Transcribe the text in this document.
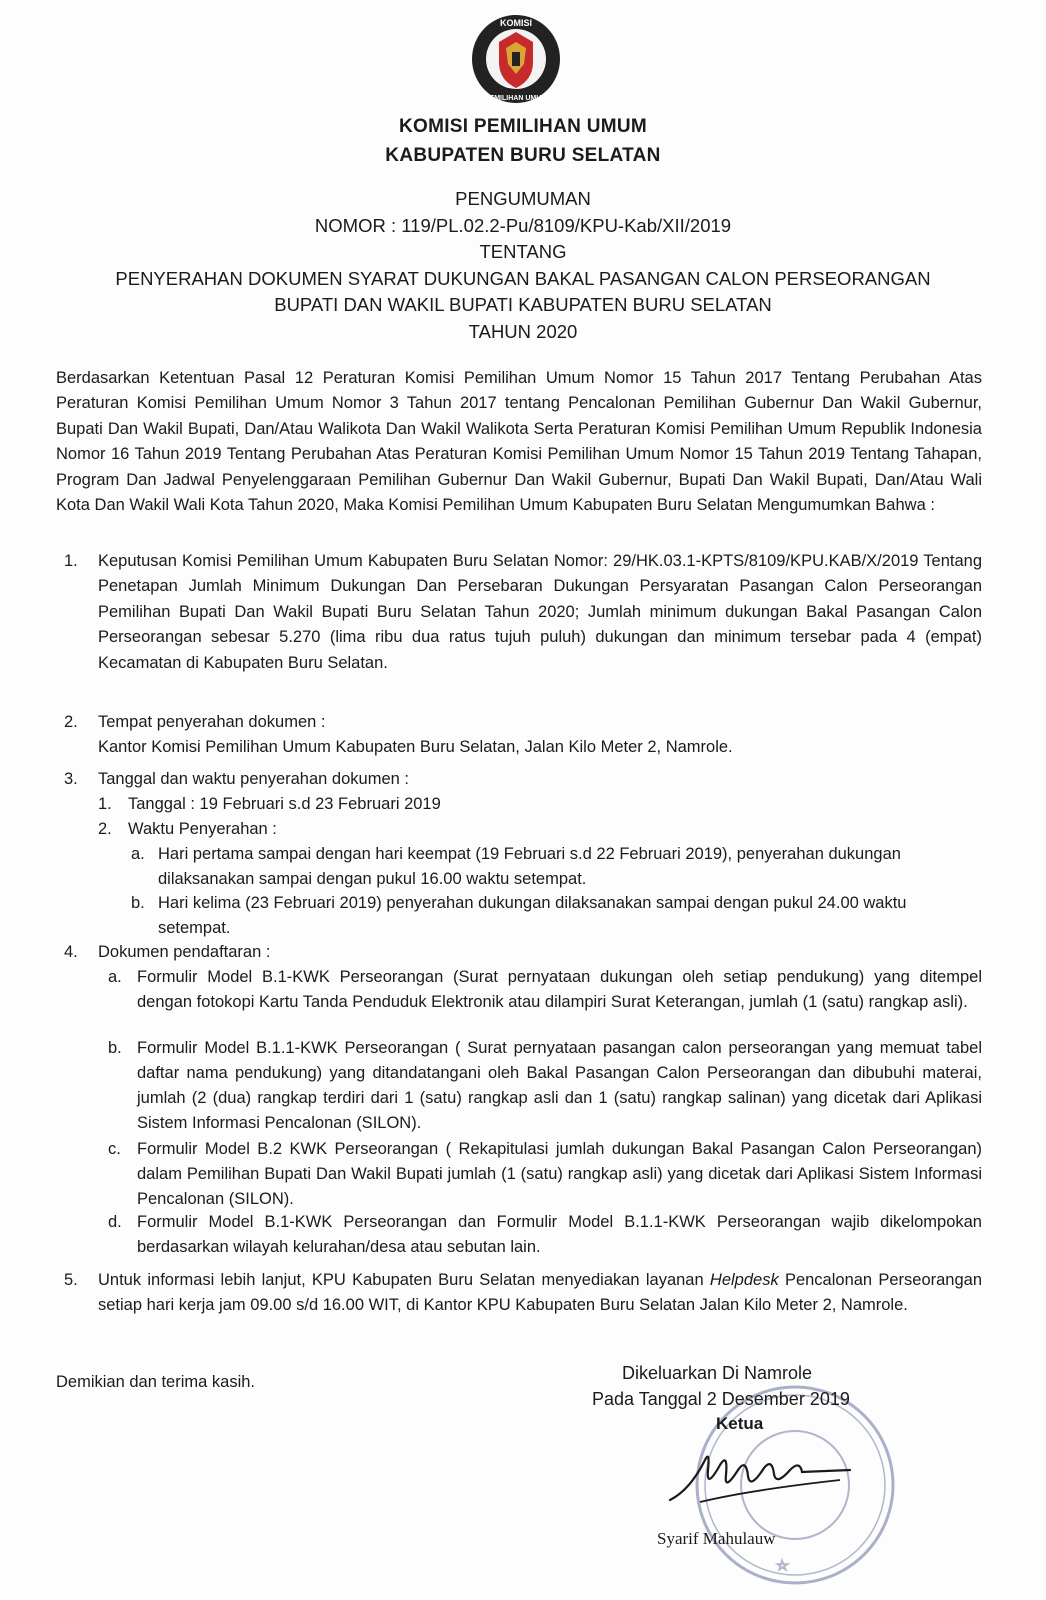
KOMISI
PEMILIHAN UMUM
KOMISI PEMILIHAN UMUM
KABUPATEN BURU SELATAN
PENGUMUMAN
NOMOR : 119/PL.02.2-Pu/8109/KPU-Kab/XII/2019
TENTANG
PENYERAHAN DOKUMEN SYARAT DUKUNGAN BAKAL PASANGAN CALON PERSEORANGAN
BUPATI DAN WAKIL BUPATI KABUPATEN BURU SELATAN
TAHUN 2020
Berdasarkan Ketentuan Pasal 12 Peraturan Komisi Pemilihan Umum Nomor 15 Tahun 2017 Tentang Perubahan Atas Peraturan Komisi Pemilihan Umum Nomor 3 Tahun 2017 tentang Pencalonan Pemilihan Gubernur Dan Wakil Gubernur, Bupati Dan Wakil Bupati, Dan/Atau Walikota Dan Wakil Walikota Serta Peraturan Komisi Pemilihan Umum Republik Indonesia Nomor 16 Tahun 2019 Tentang Perubahan Atas Peraturan Komisi Pemilihan Umum Nomor 15 Tahun 2019 Tentang Tahapan, Program Dan Jadwal Penyelenggaraan Pemilihan Gubernur Dan Wakil Gubernur, Bupati Dan Wakil Bupati, Dan/Atau Wali Kota Dan Wakil Wali Kota Tahun 2020, Maka Komisi Pemilihan Umum Kabupaten Buru Selatan Mengumumkan Bahwa :
1. Keputusan Komisi Pemilihan Umum Kabupaten Buru Selatan Nomor: 29/HK.03.1-KPTS/8109/KPU.KAB/X/2019 Tentang Penetapan Jumlah Minimum Dukungan Dan Persebaran Dukungan Persyaratan Pasangan Calon Perseorangan Pemilihan Bupati Dan Wakil Bupati Buru Selatan Tahun 2020; Jumlah minimum dukungan Bakal Pasangan Calon Perseorangan sebesar 5.270 (lima ribu dua ratus tujuh puluh) dukungan dan minimum tersebar pada 4 (empat) Kecamatan di Kabupaten Buru Selatan.
2. Tempat penyerahan dokumen :
Kantor Komisi Pemilihan Umum Kabupaten Buru Selatan, Jalan Kilo Meter 2, Namrole.
3. Tanggal dan waktu penyerahan dokumen :
1. Tanggal : 19 Februari s.d 23 Februari 2019
2. Waktu Penyerahan :
a. Hari pertama sampai dengan hari keempat (19 Februari s.d 22 Februari 2019), penyerahan dukungan dilaksanakan sampai dengan pukul 16.00 waktu setempat.
b. Hari kelima (23 Februari 2019) penyerahan dukungan dilaksanakan sampai dengan pukul 24.00 waktu setempat.
4. Dokumen pendaftaran :
a. Formulir Model B.1-KWK Perseorangan (Surat pernyataan dukungan oleh setiap pendukung) yang ditempel dengan fotokopi Kartu Tanda Penduduk Elektronik atau dilampiri Surat Keterangan, jumlah (1 (satu) rangkap asli).
b. Formulir Model B.1.1-KWK Perseorangan ( Surat pernyataan pasangan calon perseorangan yang memuat tabel daftar nama pendukung) yang ditandatangani oleh Bakal Pasangan Calon Perseorangan dan dibubuhi materai, jumlah (2 (dua) rangkap terdiri dari 1 (satu) rangkap asli dan 1 (satu) rangkap salinan) yang dicetak dari Aplikasi Sistem Informasi Pencalonan (SILON).
c. Formulir Model B.2 KWK Perseorangan ( Rekapitulasi jumlah dukungan Bakal Pasangan Calon Perseorangan) dalam Pemilihan Bupati Dan Wakil Bupati jumlah (1 (satu) rangkap asli) yang dicetak dari Aplikasi Sistem Informasi Pencalonan (SILON).
d. Formulir Model B.1-KWK Perseorangan dan Formulir Model B.1.1-KWK Perseorangan wajib dikelompokan berdasarkan wilayah kelurahan/desa atau sebutan lain.
5. Untuk informasi lebih lanjut, KPU Kabupaten Buru Selatan menyediakan layanan Helpdesk Pencalonan Perseorangan setiap hari kerja jam 09.00 s/d 16.00 WIT, di Kantor KPU Kabupaten Buru Selatan Jalan Kilo Meter 2, Namrole.
Demikian dan terima kasih.	Dikeluarkan Di Namrole
Pada Tanggal 2 Desember 2019
Ketua
Syarif Mahulauw
